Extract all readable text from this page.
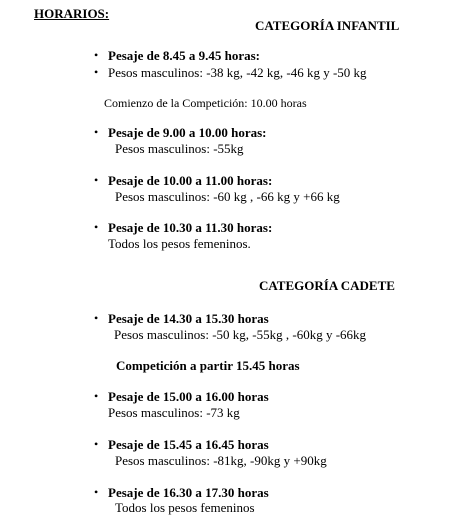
HORARIOS:
CATEGORÍA INFANTIL
• Pesaje de 8.45 a 9.45 horas:
• Pesos masculinos: -38 kg, -42 kg, -46 kg y -50 kg
Comienzo de la Competición: 10.00 horas
• Pesaje de 9.00 a 10.00 horas:
Pesos masculinos: -55kg
• Pesaje de 10.00 a 11.00 horas:
Pesos masculinos: -60 kg , -66 kg y +66 kg
• Pesaje de 10.30 a 11.30 horas:
Todos los pesos femeninos.
CATEGORÍA CADETE
• Pesaje de 14.30 a 15.30 horas
Pesos masculinos: -50 kg, -55kg , -60kg y -66kg
Competición a partir 15.45 horas
• Pesaje de 15.00 a 16.00 horas
Pesos masculinos: -73 kg
• Pesaje de 15.45 a 16.45 horas
Pesos masculinos: -81kg, -90kg y +90kg
• Pesaje de 16.30 a 17.30 horas
Todos los pesos femeninos
